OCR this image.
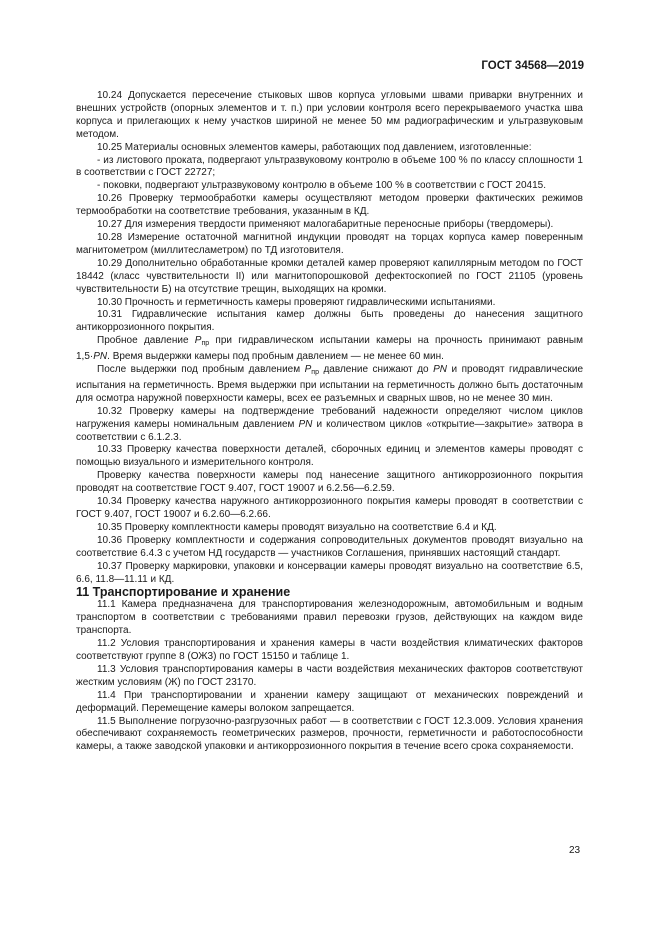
ГОСТ 34568—2019

10.24 Допускается пересечение стыковых швов корпуса угловыми швами приварки внутренних и внешних устройств (опорных элементов и т. п.) при условии контроля всего перекрываемого участка шва корпуса и прилегающих к нему участков шириной не менее 50 мм радиографическим и ультразвуковым методом.

10.25 Материалы основных элементов камеры, работающих под давлением, изготовленные:

- из листового проката, подвергают ультразвуковому контролю в объеме 100 % по классу сплошности 1 в соответствии с ГОСТ 22727;

- поковки, подвергают ультразвуковому контролю в объеме 100 % в соответствии с ГОСТ 20415.

10.26 Проверку термообработки камеры осуществляют методом проверки фактических режимов термообработки на соответствие требования, указанным в КД.

10.27 Для измерения твердости применяют малогабаритные переносные приборы (твердомеры).

10.28 Измерение остаточной магнитной индукции проводят на торцах корпуса камер поверенным магнитометром (миллитесламетром) по ТД изготовителя.

10.29 Дополнительно обработанные кромки деталей камер проверяют капиллярным методом по ГОСТ 18442 (класс чувствительности II) или магнитопорошковой дефектоскопией по ГОСТ 21105 (уровень чувствительности Б) на отсутствие трещин, выходящих на кромки.

10.30 Прочность и герметичность камеры проверяют гидравлическими испытаниями.

10.31 Гидравлические испытания камер должны быть проведены до нанесения защитного антикоррозионного покрытия.

Пробное давление $P_{пр}$ при гидравлическом испытании камеры на прочность принимают равным 1,5·PN. Время выдержки камеры под пробным давлением — не менее 60 мин.

После выдержки под пробным давлением $P_{пр}$ давление снижают до PN и проводят гидравлические испытания на герметичность. Время выдержки при испытании на герметичность должно быть достаточным для осмотра наружной поверхности камеры, всех ее разъемных и сварных швов, но не менее 30 мин.

10.32 Проверку камеры на подтверждение требований надежности определяют числом циклов нагружения камеры номинальным давлением PN и количеством циклов «открытие—закрытие» затвора в соответствии с 6.1.2.3.

10.33 Проверку качества поверхности деталей, сборочных единиц и элементов камеры проводят с помощью визуального и измерительного контроля.

Проверку качества поверхности камеры под нанесение защитного антикоррозионного покрытия проводят на соответствие ГОСТ 9.407, ГОСТ 19007 и 6.2.56—6.2.59.

10.34 Проверку качества наружного антикоррозионного покрытия камеры проводят в соответствии с ГОСТ 9.407, ГОСТ 19007 и 6.2.60—6.2.66.

10.35 Проверку комплектности камеры проводят визуально на соответствие 6.4 и КД.

10.36 Проверку комплектности и содержания сопроводительных документов проводят визуально на соответствие 6.4.3 с учетом НД государств — участников Соглашения, принявших настоящий стандарт.

10.37 Проверку маркировки, упаковки и консервации камеры проводят визуально на соответствие 6.5, 6.6, 11.8—11.11 и КД.

11 Транспортирование и хранение

11.1 Камера предназначена для транспортирования железнодорожным, автомобильным и водным транспортом в соответствии с требованиями правил перевозки грузов, действующих на каждом виде транспорта.

11.2 Условия транспортирования и хранения камеры в части воздействия климатических факторов соответствуют группе 8 (ОЖ3) по ГОСТ 15150 и таблице 1.

11.3 Условия транспортирования камеры в части воздействия механических факторов соответствуют жестким условиям (Ж) по ГОСТ 23170.

11.4 При транспортировании и хранении камеру защищают от механических повреждений и деформаций. Перемещение камеры волоком запрещается.

11.5 Выполнение погрузочно-разгрузочных работ — в соответствии с ГОСТ 12.3.009. Условия хранения обеспечивают сохраняемость геометрических размеров, прочности, герметичности и работоспособности камеры, а также заводской упаковки и антикоррозионного покрытия в течение всего срока сохраняемости.

23
